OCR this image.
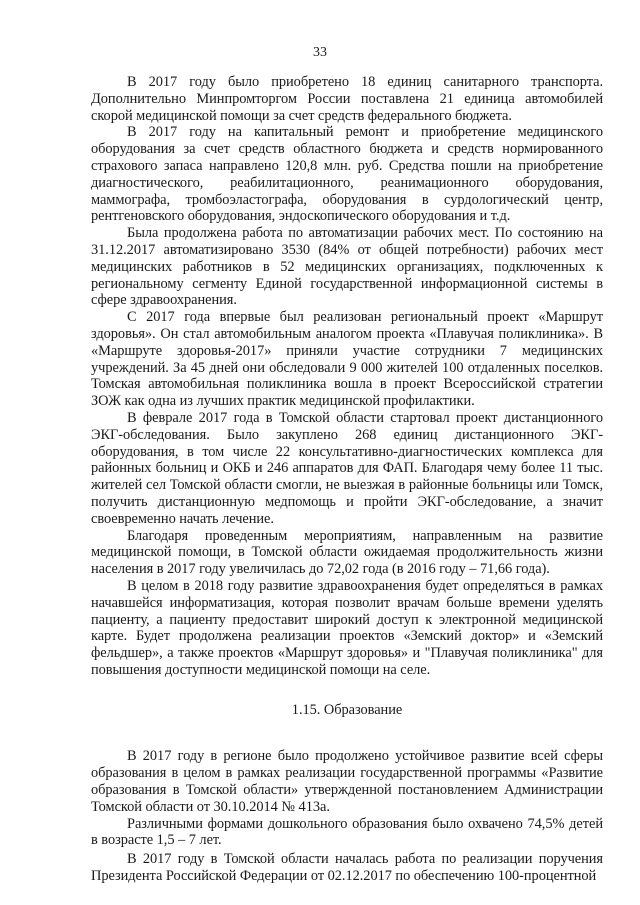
33

В 2017 году было приобретено 18 единиц санитарного транспорта. Дополнительно Минпромторгом России поставлена 21 единица автомобилей скорой медицинской помощи за счет средств федерального бюджета.

В 2017 году на капитальный ремонт и приобретение медицинского оборудования за счет средств областного бюджета и средств нормированного страхового запаса направлено 120,8 млн. руб. Средства пошли на приобретение диагностического, реабилитационного, реанимационного оборудования, маммографа, тромбоэластографа, оборудования в сурдологический центр, рентгеновского оборудования, эндоскопического оборудования и т.д.

Была продолжена работа по автоматизации рабочих мест. По состоянию на 31.12.2017 автоматизировано 3530 (84% от общей потребности) рабочих мест медицинских работников в 52 медицинских организациях, подключенных к региональному сегменту Единой государственной информационной системы в сфере здравоохранения.

С 2017 года впервые был реализован региональный проект «Маршрут здоровья». Он стал автомобильным аналогом проекта «Плавучая поликлиника». В «Маршруте здоровья-2017» приняли участие сотрудники 7 медицинских учреждений. За 45 дней они обследовали 9 000 жителей 100 отдаленных поселков. Томская автомобильная поликлиника вошла в проект Всероссийской стратегии ЗОЖ как одна из лучших практик медицинской профилактики.

В феврале 2017 года в Томской области стартовал проект дистанционного ЭКГ-обследования. Было закуплено 268 единиц дистанционного ЭКГ-оборудования, в том числе 22 консультативно-диагностических комплекса для районных больниц и ОКБ и 246 аппаратов для ФАП. Благодаря чему более 11 тыс. жителей сел Томской области смогли, не выезжая в районные больницы или Томск, получить дистанционную медпомощь и пройти ЭКГ-обследование, а значит своевременно начать лечение.

Благодаря проведенным мероприятиям, направленным на развитие медицинской помощи, в Томской области ожидаемая продолжительность жизни населения в 2017 году увеличилась до 72,02 года (в 2016 году – 71,66 года).

В целом в 2018 году развитие здравоохранения будет определяться в рамках начавшейся информатизация, которая позволит врачам больше времени уделять пациенту, а пациенту предоставит широкий доступ к электронной медицинской карте. Будет продолжена реализации проектов «Земский доктор» и «Земский фельдшер», а также проектов «Маршрут здоровья» и "Плавучая поликлиника" для повышения доступности медицинской помощи на селе.

1.15. Образование

В 2017 году в регионе было продолжено устойчивое развитие всей сферы образования в целом в рамках реализации государственной программы «Развитие образования в Томской области» утвержденной постановлением Администрации Томской области от 30.10.2014 № 413а.

Различными формами дошкольного образования было охвачено 74,5% детей в возрасте 1,5 – 7 лет.

В 2017 году в Томской области началась работа по реализации поручения Президента Российской Федерации от 02.12.2017 по обеспечению 100-процентной
